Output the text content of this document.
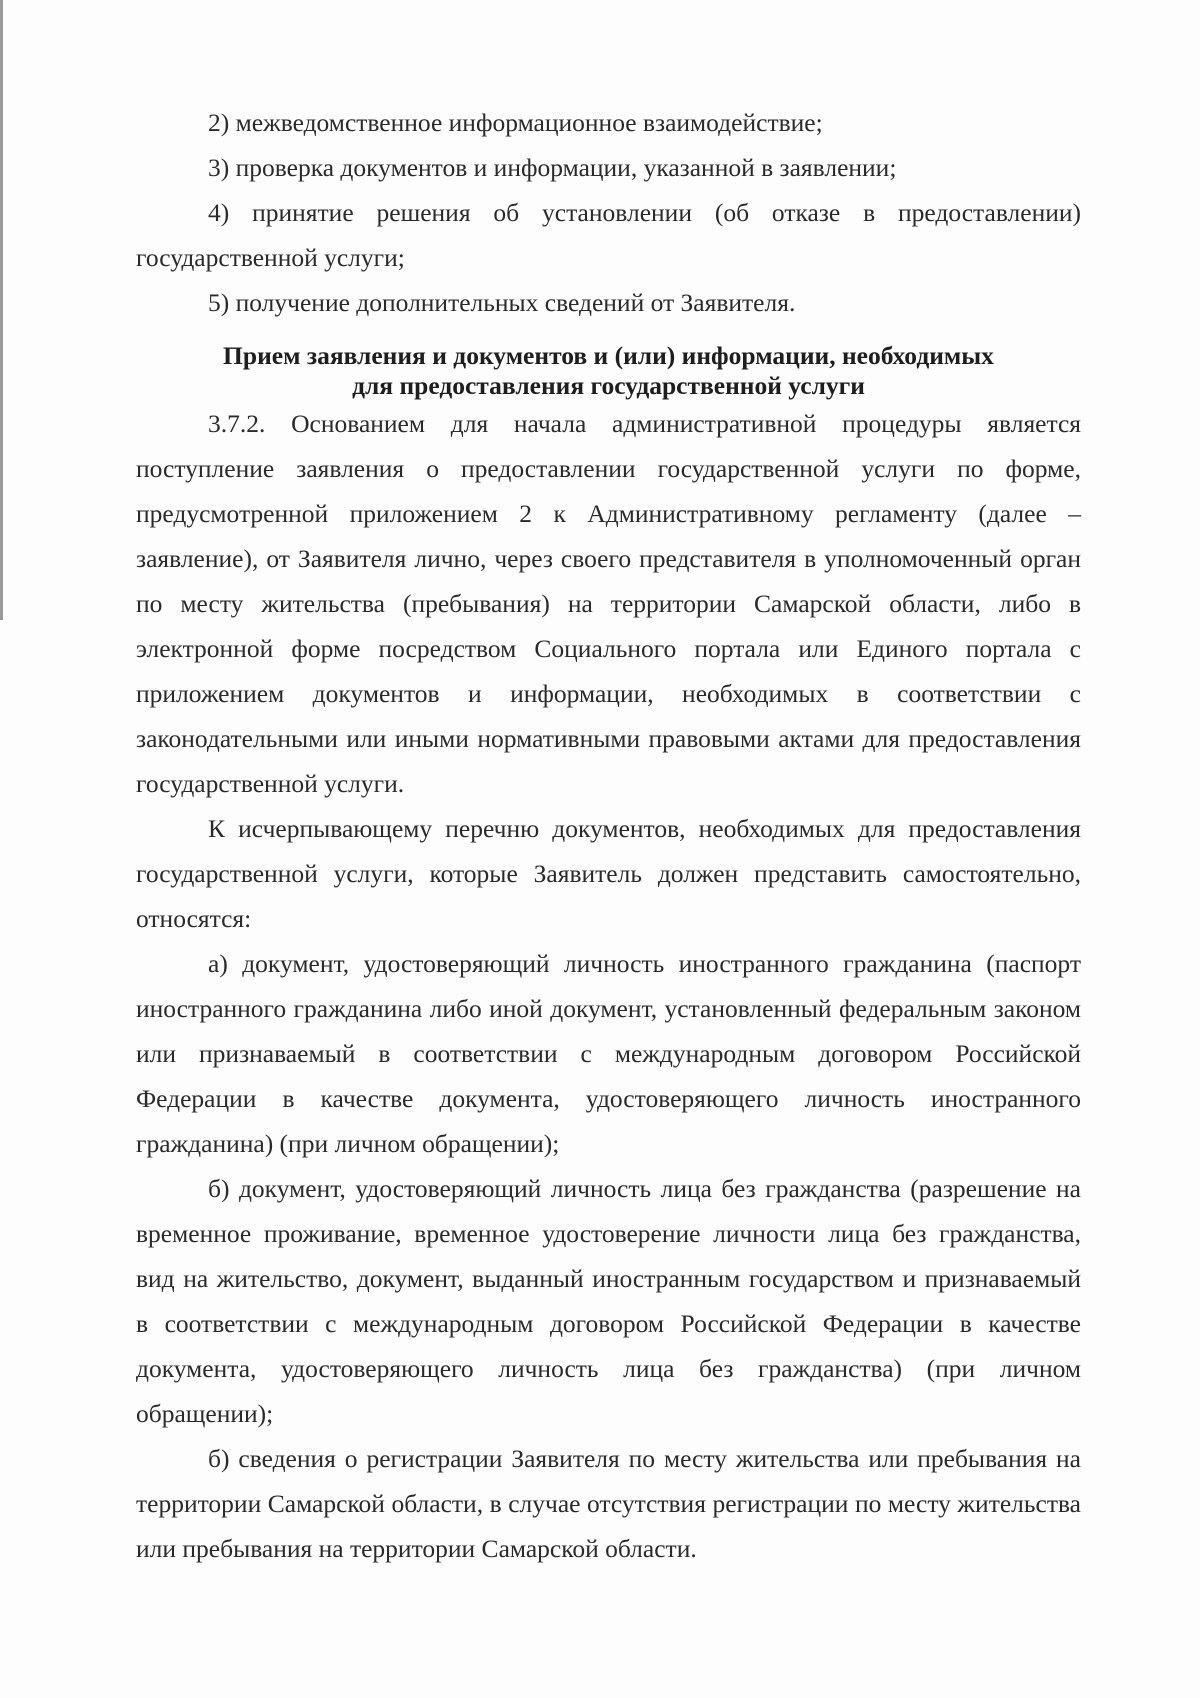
2) межведомственное информационное взаимодействие;

3) проверка документов и информации, указанной в заявлении;

4) принятие решения об установлении (об отказе в предоставлении) государственной услуги;

5) получение дополнительных сведений от Заявителя.

Прием заявления и документов и (или) информации, необходимых
для предоставления государственной услуги

3.7.2. Основанием для начала административной процедуры является поступление заявления о предоставлении государственной услуги по форме, предусмотренной приложением 2 к Административному регламенту (далее – заявление), от Заявителя лично, через своего представителя в уполномоченный орган по месту жительства (пребывания) на территории Самарской области, либо в электронной форме посредством Социального портала или Единого портала с приложением документов и информации, необходимых в соответствии с законодательными или иными нормативными правовыми актами для предоставления государственной услуги.

К исчерпывающему перечню документов, необходимых для предоставления государственной услуги, которые Заявитель должен представить самостоятельно, относятся:

а) документ, удостоверяющий личность иностранного гражданина (паспорт иностранного гражданина либо иной документ, установленный федеральным законом или признаваемый в соответствии с международным договором Российской Федерации в качестве документа, удостоверяющего личность иностранного гражданина) (при личном обращении);

б) документ, удостоверяющий личность лица без гражданства (разрешение на временное проживание, временное удостоверение личности лица без гражданства, вид на жительство, документ, выданный иностранным государством и признаваемый в соответствии с международным договором Российской Федерации в качестве документа, удостоверяющего личность лица без гражданства) (при личном обращении);

б) сведения о регистрации Заявителя по месту жительства или пребывания на территории Самарской области, в случае отсутствия регистрации по месту жительства или пребывания на территории Самарской области.
